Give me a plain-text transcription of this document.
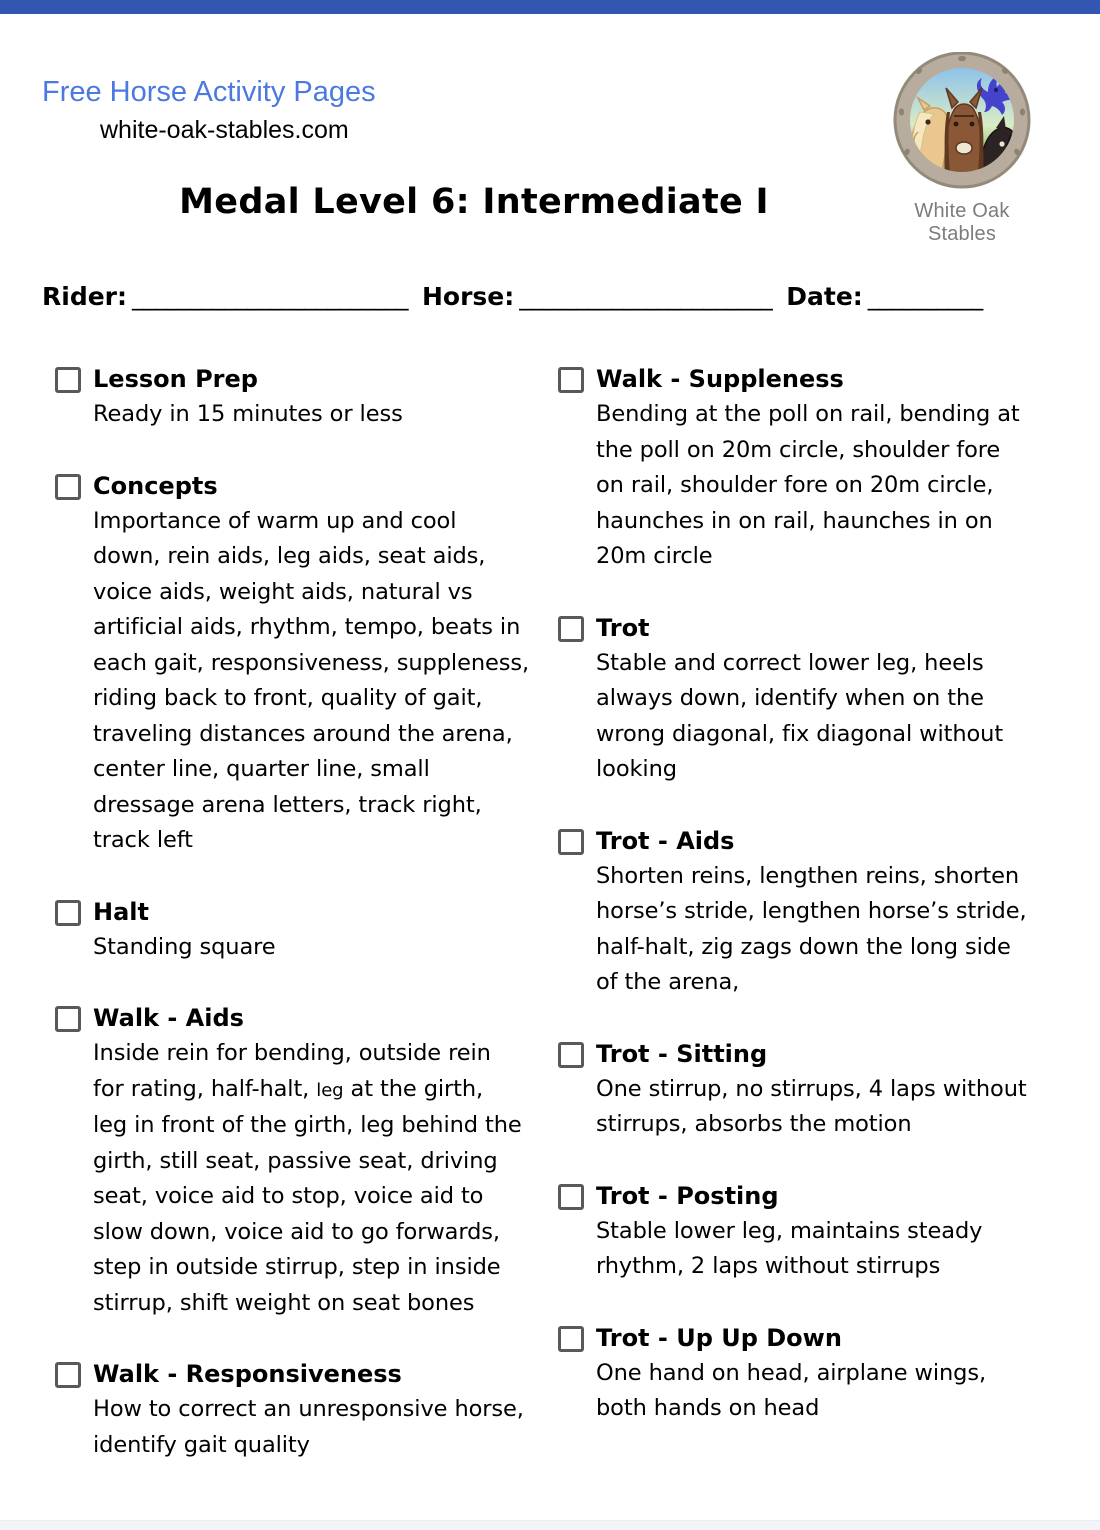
Free Horse Activity Pages
white-oak-stables.com
White Oak Stables
Medal Level 6: Intermediate I
Rider: ________________________ Horse: ______________________ Date: __________
Lesson Prep
Ready in 15 minutes or less
Concepts
Importance of warm up and cool
down, rein aids, leg aids, seat aids,
voice aids, weight aids, natural vs
artificial aids, rhythm, tempo, beats in
each gait, responsiveness, suppleness,
riding back to front, quality of gait,
traveling distances around the arena,
center line, quarter line, small
dressage arena letters, track right,
track left
Halt
Standing square
Walk - Aids
Inside rein for bending, outside rein
for rating, half-halt, leg at the girth,
leg in front of the girth, leg behind the
girth, still seat, passive seat, driving
seat, voice aid to stop, voice aid to
slow down, voice aid to go forwards,
step in outside stirrup, step in inside
stirrup, shift weight on seat bones
Walk - Responsiveness
How to correct an unresponsive horse,
identify gait quality
Walk - Suppleness
Bending at the poll on rail, bending at
the poll on 20m circle, shoulder fore
on rail, shoulder fore on 20m circle,
haunches in on rail, haunches in on
20m circle
Trot
Stable and correct lower leg, heels
always down, identify when on the
wrong diagonal, fix diagonal without
looking
Trot - Aids
Shorten reins, lengthen reins, shorten
horse’s stride, lengthen horse’s stride,
half-halt, zig zags down the long side
of the arena,
Trot - Sitting
One stirrup, no stirrups, 4 laps without
stirrups, absorbs the motion
Trot - Posting
Stable lower leg, maintains steady
rhythm, 2 laps without stirrups
Trot - Up Up Down
One hand on head, airplane wings,
both hands on head
